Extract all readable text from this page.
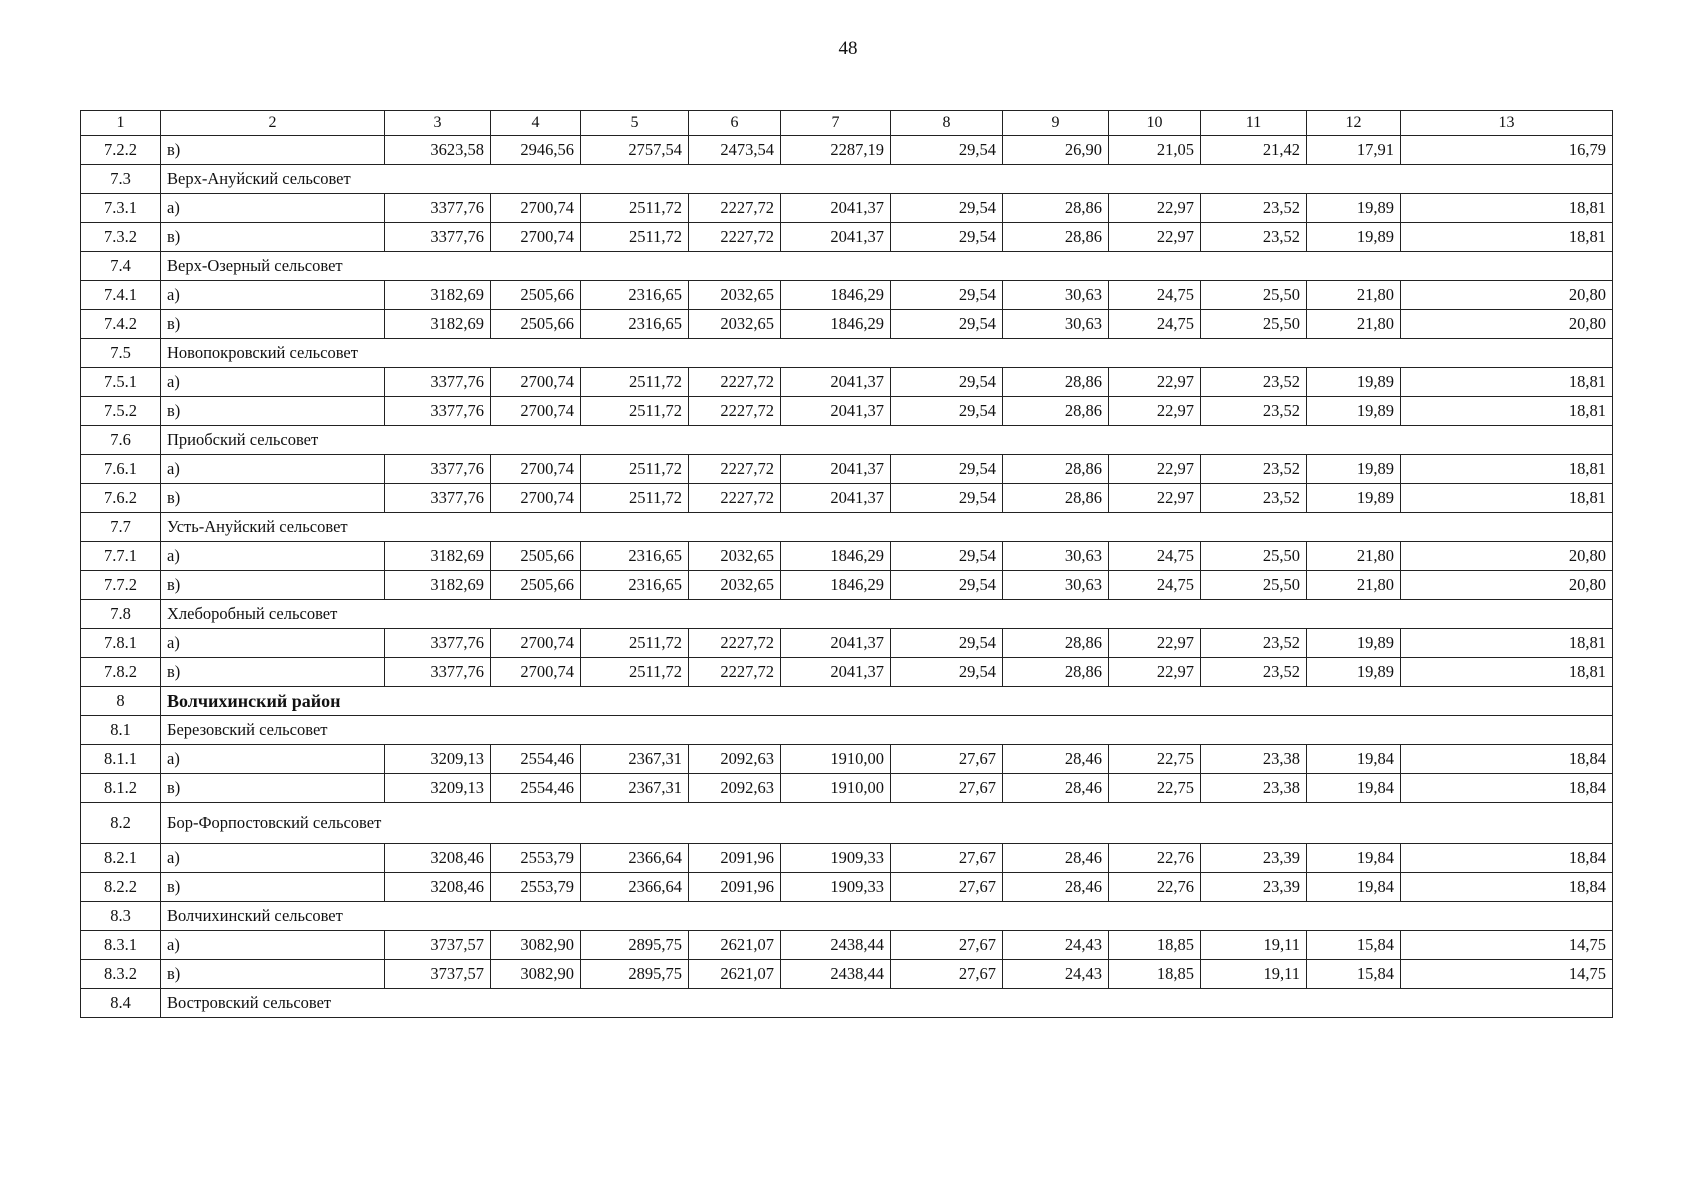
48
1	2	3	4	5	6	7	8	9	10	11	12	13
7.2.2	в)	3623,58	2946,56	2757,54	2473,54	2287,19	29,54	26,90	21,05	21,42	17,91	16,79
7.3	Верх-Ануйский сельсовет											
7.3.1	а)	3377,76	2700,74	2511,72	2227,72	2041,37	29,54	28,86	22,97	23,52	19,89	18,81
7.3.2	в)	3377,76	2700,74	2511,72	2227,72	2041,37	29,54	28,86	22,97	23,52	19,89	18,81
7.4	Верх-Озерный сельсовет											
7.4.1	а)	3182,69	2505,66	2316,65	2032,65	1846,29	29,54	30,63	24,75	25,50	21,80	20,80
7.4.2	в)	3182,69	2505,66	2316,65	2032,65	1846,29	29,54	30,63	24,75	25,50	21,80	20,80
7.5	Новопокровский сельсовет											
7.5.1	а)	3377,76	2700,74	2511,72	2227,72	2041,37	29,54	28,86	22,97	23,52	19,89	18,81
7.5.2	в)	3377,76	2700,74	2511,72	2227,72	2041,37	29,54	28,86	22,97	23,52	19,89	18,81
7.6	Приобский сельсовет											
7.6.1	а)	3377,76	2700,74	2511,72	2227,72	2041,37	29,54	28,86	22,97	23,52	19,89	18,81
7.6.2	в)	3377,76	2700,74	2511,72	2227,72	2041,37	29,54	28,86	22,97	23,52	19,89	18,81
7.7	Усть-Ануйский сельсовет											
7.7.1	а)	3182,69	2505,66	2316,65	2032,65	1846,29	29,54	30,63	24,75	25,50	21,80	20,80
7.7.2	в)	3182,69	2505,66	2316,65	2032,65	1846,29	29,54	30,63	24,75	25,50	21,80	20,80
7.8	Хлеборобный сельсовет											
7.8.1	а)	3377,76	2700,74	2511,72	2227,72	2041,37	29,54	28,86	22,97	23,52	19,89	18,81
7.8.2	в)	3377,76	2700,74	2511,72	2227,72	2041,37	29,54	28,86	22,97	23,52	19,89	18,81
8	Волчихинский район											
8.1	Березовский сельсовет											
8.1.1	а)	3209,13	2554,46	2367,31	2092,63	1910,00	27,67	28,46	22,75	23,38	19,84	18,84
8.1.2	в)	3209,13	2554,46	2367,31	2092,63	1910,00	27,67	28,46	22,75	23,38	19,84	18,84
8.2	Бор-Форпостовский сельсовет											

8.2.1	а)	3208,46	2553,79	2366,64	2091,96	1909,33	27,67	28,46	22,76	23,39	19,84	18,84
8.2.2	в)	3208,46	2553,79	2366,64	2091,96	1909,33	27,67	28,46	22,76	23,39	19,84	18,84
8.3	Волчихинский сельсовет											
8.3.1	а)	3737,57	3082,90	2895,75	2621,07	2438,44	27,67	24,43	18,85	19,11	15,84	14,75
8.3.2	в)	3737,57	3082,90	2895,75	2621,07	2438,44	27,67	24,43	18,85	19,11	15,84	14,75
8.4	Востровский сельсовет											
